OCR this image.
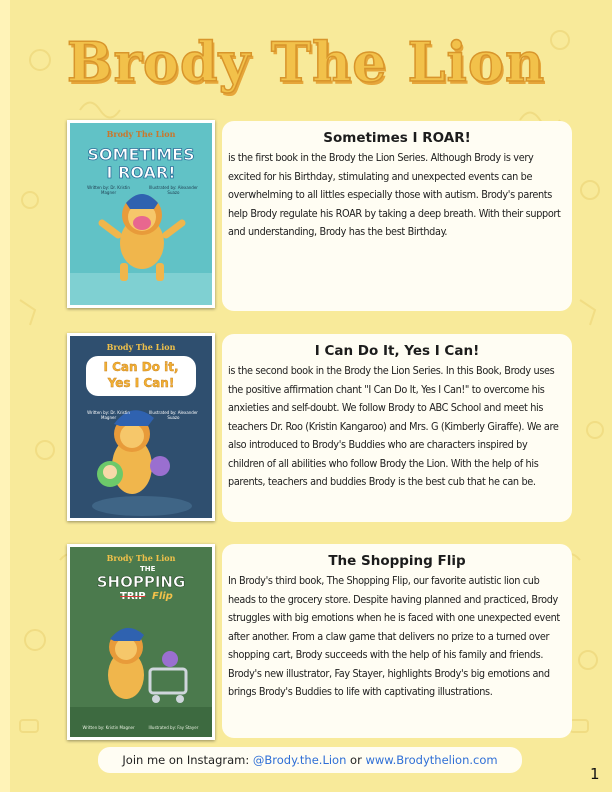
Brody The Lion
Brody The Lion
SOMETIMES
I ROAR!
Written by: Dr. Kristin Magner
Illustrated by: Alexander Suazo
Sometimes I ROAR!

is the first book in the Brody the Lion Series. Although Brody is very excited for his Birthday, stimulating and unexpected events can be overwhelming to all littles especially those with autism. Brody's parents help Brody regulate his ROAR by taking a deep breath. With their support and understanding, Brody has the best Birthday.

Brody The Lion
I Can Do it,
Yes I Can!
Written by: Dr. Kristin Magner
Illustrated by: Alexander Suazo
I Can Do It, Yes I Can!

is the second book in the Brody the Lion Series. In this Book, Brody uses the positive affirmation chant "I Can Do It, Yes I Can!" to overcome his anxieties and self-doubt. We follow Brody to ABC School and meet his teachers Dr. Roo (Kristin Kangaroo) and Mrs. G (Kimberly Giraffe). We are also introduced to Brody's Buddies who are characters inspired by children of all abilities who follow Brody the Lion. With the help of his parents, teachers and buddies Brody is the best cub that he can be.

Brody The Lion
THE
SHOPPING
TRIP Flip
Written by: Kristin Magner	Illustrated by: Fay Stayer
The Shopping Flip

In Brody's third book, The Shopping Flip, our favorite autistic lion cub heads to the grocery store. Despite having planned and practiced, Brody struggles with big emotions when he is faced with one unexpected event after another. From a claw game that delivers no prize to a turned over shopping cart, Brody succeeds with the help of his family and friends. Brody's new illustrator, Fay Stayer, highlights Brody's big emotions and brings Brody's Buddies to life with captivating illustrations.

Join me on Instagram: @Brody.the.Lion or www.Brodythelion.com
1
